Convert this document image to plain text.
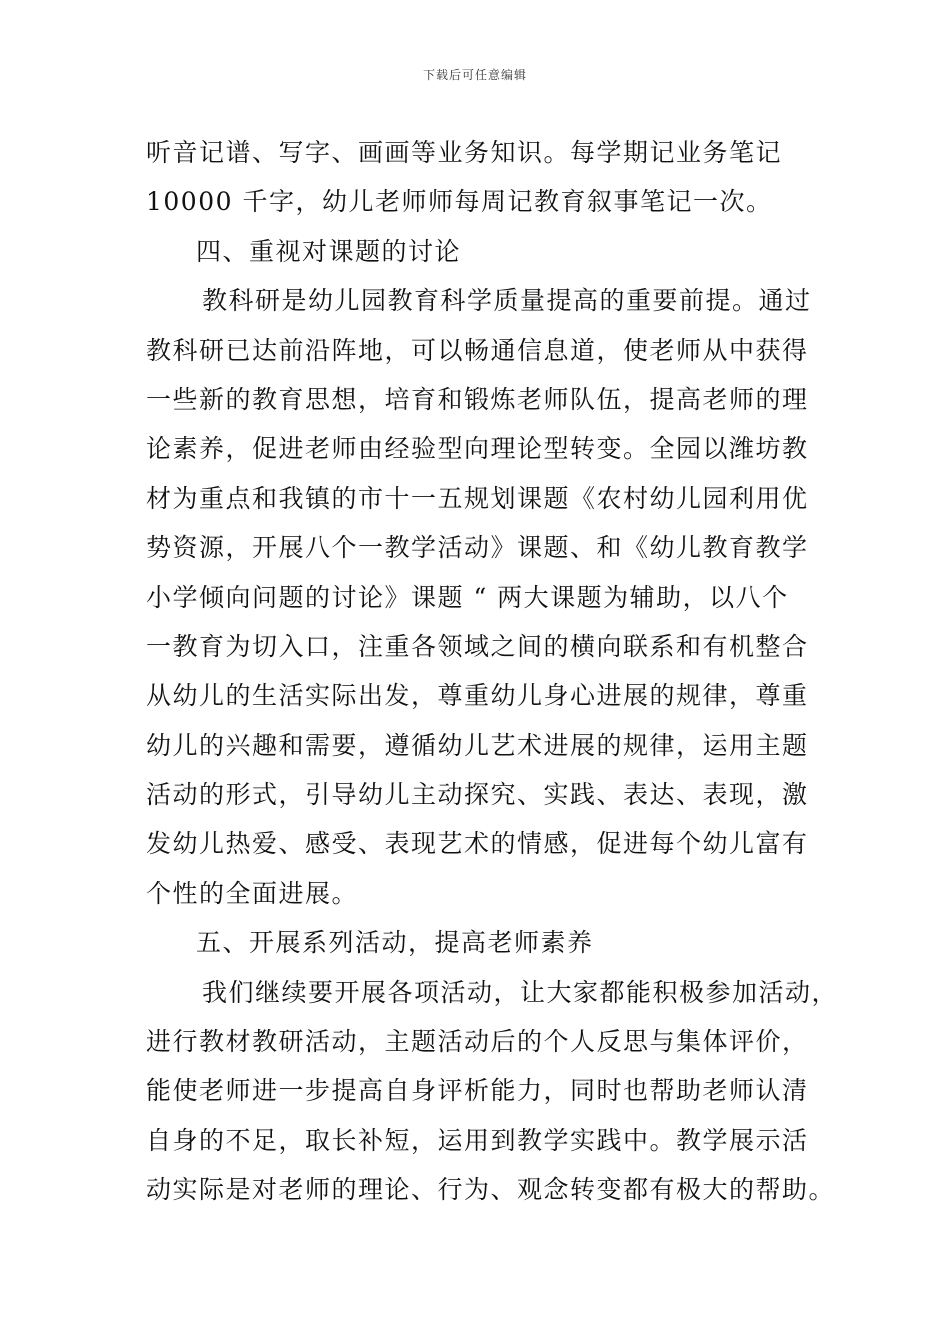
下载后可任意编辑
听音记谱、写字、画画等业务知识。每学期记业务笔记
10000 千字，幼儿老师师每周记教育叙事笔记一次。
四、重视对课题的讨论
教科研是幼儿园教育科学质量提高的重要前提。通过
教科研已达前沿阵地，可以畅通信息道，使老师从中获得
一些新的教育思想，培育和锻炼老师队伍，提高老师的理
论素养，促进老师由经验型向理论型转变。全园以潍坊教
材为重点和我镇的市十一五规划课题《农村幼儿园利用优
势资源，开展八个一教学活动》课题、和《幼儿教育教学
小学倾向问题的讨论》课题 “ 两大课题为辅助，以八个
一教育为切入口，注重各领域之间的横向联系和有机整合
从幼儿的生活实际出发，尊重幼儿身心进展的规律，尊重
幼儿的兴趣和需要，遵循幼儿艺术进展的规律，运用主题
活动的形式，引导幼儿主动探究、实践、表达、表现，激
发幼儿热爱、感受、表现艺术的情感，促进每个幼儿富有
个性的全面进展。
五、开展系列活动，提高老师素养
我们继续要开展各项活动，让大家都能积极参加活动，
进行教材教研活动，主题活动后的个人反思与集体评价，
能使老师进一步提高自身评析能力，同时也帮助老师认清
自身的不足，取长补短，运用到教学实践中。教学展示活
动实际是对老师的理论、行为、观念转变都有极大的帮助。
